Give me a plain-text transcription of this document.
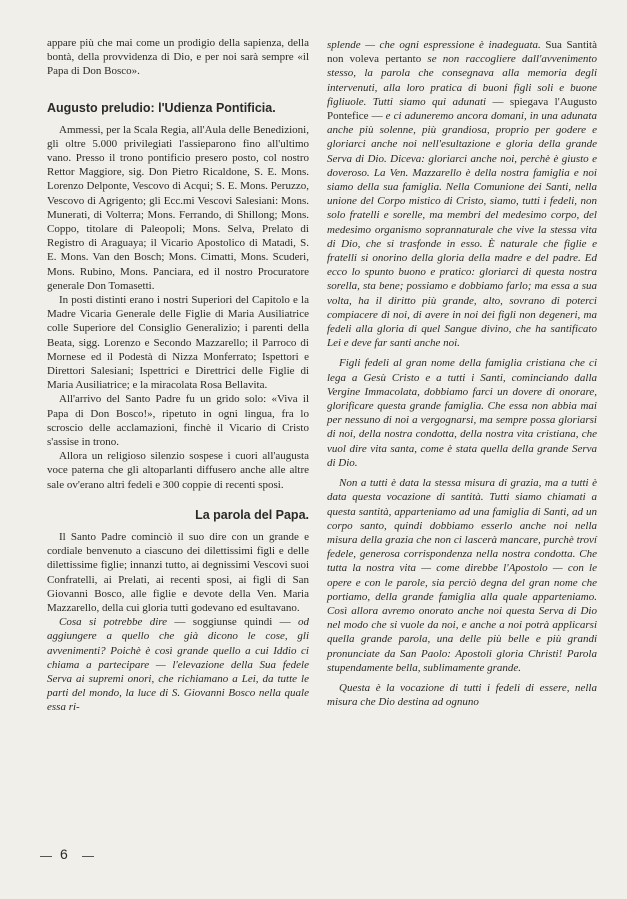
appare più che mai come un prodigio della sapienza, della bontà, della provvidenza di Dio, e per noi sarà sempre «il Papa di Don Bosco».

Augusto preludio: l'Udienza Pontificia.

Ammessi, per la Scala Regia, all'Aula delle Benedizioni, gli oltre 5.000 privilegiati l'assieparono fino all'ultimo vano. Presso il trono pontificio presero posto, col nostro Rettor Maggiore, sig. Don Pietro Ricaldone, S. E. Mons. Lorenzo Delponte, Vescovo di Acqui; S. E. Mons. Peruzzo, Vescovo di Agrigento; gli Ecc.mi Vescovi Salesiani: Mons. Munerati, di Volterra; Mons. Ferrando, di Shillong; Mons. Coppo, titolare di Paleopoli; Mons. Selva, Prelato di Registro di Araguaya; il Vicario Apostolico di Matadi, S. E. Mons. Van den Bosch; Mons. Cimatti, Mons. Scuderi, Mons. Rubino, Mons. Panciara, ed il nostro Procuratore generale Don Tomasetti.

In posti distinti erano i nostri Superiori del Capitolo e la Madre Vicaria Generale delle Figlie di Maria Ausiliatrice colle Superiore del Consiglio Generalizio; i parenti della Beata, sigg. Lorenzo e Secondo Mazzarello; il Parroco di Mornese ed il Podestà di Nizza Monferrato; Ispettori e Direttori Salesiani; Ispettrici e Direttrici delle Figlie di Maria Ausiliatrice; e la miracolata Rosa Bellavita.

All'arrivo del Santo Padre fu un grido solo: «Viva il Papa di Don Bosco!», ripetuto in ogni lingua, fra lo scroscio delle acclamazioni, finchè il Vicario di Cristo s'assise in trono.

Allora un religioso silenzio sospese i cuori all'augusta voce paterna che gli altoparlanti diffusero anche alle altre sale ov'erano altri fedeli e 300 coppie di recenti sposi.

La parola del Papa.

Il Santo Padre cominciò il suo dire con un grande e cordiale benvenuto a ciascuno dei dilettissimi figli e delle dilettissime figlie; innanzi tutto, ai degnissimi Vescovi suoi Confratelli, ai Prelati, ai recenti sposi, ai figli di San Giovanni Bosco, alle figlie e devote della Ven. Maria Mazzarello, della cui gloria tutti godevano ed esultavano.

Cosa si potrebbe dire — soggiunse quindi — od aggiungere a quello che già dicono le cose, gli avvenimenti? Poichè è così grande quello a cui Iddio ci chiama a partecipare — l'elevazione della Sua fedele Serva ai supremi onori, che richiamano a Lei, da tutte le parti del mondo, la luce di S. Giovanni Bosco nella quale essa ri-

splende — che ogni espressione è inadeguata. Sua Santità non voleva pertanto se non raccogliere dall'avvenimento stesso, la parola che consegnava alla memoria degli intervenuti, alla loro pratica di buoni figli soli e buone figliuole. Tutti siamo qui adunati — spiegava l'Augusto Pontefice — e ci aduneremo ancora domani, in una adunata anche più solenne, più grandiosa, proprio per godere e gloriarci anche noi nell'esultazione e gloria della grande Serva di Dio. Diceva: gloriarci anche noi, perchè è giusto e doveroso. La Ven. Mazzarello è della nostra famiglia e noi siamo della sua famiglia. Nella Comunione dei Santi, nella unione del Corpo mistico di Cristo, siamo, tutti i fedeli, non solo fratelli e sorelle, ma membri del medesimo corpo, del medesimo organismo soprannaturale che vive la stessa vita di Dio, che si trasfonde in esso. È naturale che figlie e fratelli si onorino della gloria della madre e del padre. Ed ecco lo spunto buono e pratico: gloriarci di questa nostra sorella, sta bene; possiamo e dobbiamo farlo; ma essa a sua volta, ha il diritto più grande, alto, sovrano di poterci compiacere di noi, di avere in noi dei figli non degeneri, ma fedeli alla gloria di quel Sangue divino, che ha santificato Lei e deve far santi anche noi.

Figli fedeli al gran nome della famiglia cristiana che ci lega a Gesù Cristo e a tutti i Santi, cominciando dalla Vergine Immacolata, dobbiamo farci un dovere di onorare, glorificare questa grande famiglia. Che essa non abbia mai per nessuno di noi a vergognarsi, ma sempre possa gloriarsi di noi, della nostra condotta, della nostra vita cristiana, che vuol dire vita santa, come è stata quella della grande Serva di Dio.

Non a tutti è data la stessa misura di grazia, ma a tutti è data questa vocazione di santità. Tutti siamo chiamati a questa santità, apparteniamo ad una famiglia di Santi, ad un corpo santo, quindi dobbiamo esserlo anche noi nella misura della grazia che non ci lascerà mancare, purchè troví fedele, generosa corrispondenza nella nostra condotta. Che tutta la nostra vita — come direbbe l'Apostolo — con le opere e con le parole, sia perciò degna del gran nome che portiamo, della grande famiglia alla quale apparteniamo. Così allora avremo onorato anche noi questa Serva di Dio nel modo che si vuole da noi, e anche a noi potrà applicarsi quella grande parola, una delle più belle e più grandi pronunciate da San Paolo: Apostoli gloria Christi! Parola stupendamente bella, sublimamente grande.

Questa è la vocazione di tutti i fedeli di essere, nella misura che Dio destina ad ognuno

6
